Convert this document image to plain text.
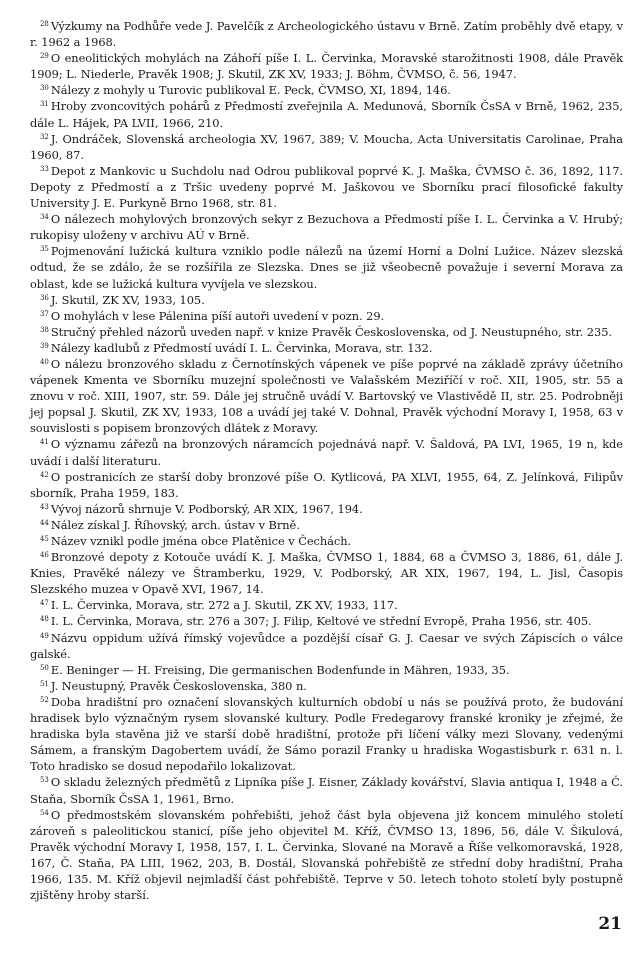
$^{28}$ Výzkumy na Podhůře vede J. Pavelčík z Archeologického ústavu v Brně. Zatím proběhly dvě etapy, v r. 1962 a 1968.

$^{29}$ O eneolitických mohylách na Záhoří píše I. L. Červinka, Moravské starožitnosti 1908, dále Pravěk 1909; L. Niederle, Pravěk 1908; J. Skutil, ZK XV, 1933; J. Böhm, ČVMSO, č. 56, 1947.

$^{30}$ Nálezy z mohyly u Turovic publikoval E. Peck, ČVMSO, XI, 1894, 146.

$^{31}$ Hroby zvoncovitých pohárů z Předmostí zveřejnila A. Medunová, Sborník ČsSA v Brně, 1962, 235, dále L. Hájek, PA LVII, 1966, 210.

$^{32}$ J. Ondráček, Slovenská archeologia XV, 1967, 389; V. Moucha, Acta Universitatis Carolinae, Praha 1960, 87.

$^{33}$ Depot z Mankovic u Suchdolu nad Odrou publikoval poprvé K. J. Maška, ČVMSO č. 36, 1892, 117. Depoty z Předmostí a z Tršic uvedeny poprvé M. Jaškovou ve Sborníku prací filosofické fakulty University J. E. Purkyně Brno 1968, str. 81.

$^{34}$ O nálezech mohylových bronzových sekyr z Bezuchova a Předmostí píše I. L. Červinka a V. Hrubý; rukopisy uloženy v archivu AÚ v Brně.

$^{35}$ Pojmenování lužická kultura vzniklo podle nálezů na území Horní a Dolní Lužice. Název slezská odtud, že se zdálo, že se rozšířila ze Slezska. Dnes se již všeobecně považuje i severní Morava za oblast, kde se lužická kultura vyvíjela ve slezskou.

$^{36}$ J. Skutil, ZK XV, 1933, 105.

$^{37}$ O mohylách v lese Pálenina píší autoři uvedení v pozn. 29.

$^{38}$ Stručný přehled názorů uveden např. v knize Pravěk Československa, od J. Neustupného, str. 235.

$^{39}$ Nálezy kadlubů z Předmostí uvádí I. L. Červinka, Morava, str. 132.

$^{40}$ O nálezu bronzového skladu z Černotínských vápenek ve píše poprvé na základě zprávy účetního vápenek Kmenta ve Sborníku muzejní společnosti ve Valašském Meziříčí v roč. XII, 1905, str. 55 a znovu v roč. XIII, 1907, str. 59. Dále jej stručně uvádí V. Bartovský ve Vlastivědě II, str. 25. Podrobněji jej popsal J. Skutil, ZK XV, 1933, 108 a uvádí jej také V. Dohnal, Pravěk východní Moravy I, 1958, 63 v souvislosti s popisem bronzových dlátek z Moravy.

$^{41}$ O významu zářezů na bronzových náramcích pojednává např. V. Šaldová, PA LVI, 1965, 19 n, kde uvádí i další literaturu.

$^{42}$ O postranicích ze starší doby bronzové píše O. Kytlicová, PA XLVI, 1955, 64, Z. Jelínková, Filipův sborník, Praha 1959, 183.

$^{43}$ Vývoj názorů shrnuje V. Podborský, AR XIX, 1967, 194.

$^{44}$ Nález získal J. Říhovský, arch. ústav v Brně.

$^{45}$ Název vznikl podle jména obce Platěnice v Čechách.

$^{46}$ Bronzové depoty z Kotouče uvádí K. J. Maška, ČVMSO 1, 1884, 68 a ČVMSO 3, 1886, 61, dále J. Knies, Pravěké nálezy ve Štramberku, 1929, V. Podborský, AR XIX, 1967, 194, L. Jisl, Časopis Slezského muzea v Opavě XVI, 1967, 14.

$^{47}$ I. L. Červinka, Morava, str. 272 a J. Skutil, ZK XV, 1933, 117.

$^{48}$ I. L. Červinka, Morava, str. 276 a 307; J. Filip, Keltové ve střední Evropě, Praha 1956, str. 405.

$^{49}$ Názvu oppidum užívá římský vojevůdce a pozdější císař G. J. Caesar ve svých Zápiscích o válce galské.

$^{50}$ E. Beninger — H. Freising, Die germanischen Bodenfunde in Mähren, 1933, 35.

$^{51}$ J. Neustupný, Pravěk Československa, 380 n.

$^{52}$ Doba hradištní pro označení slovanských kulturních období u nás se používá proto, že budování hradisek bylo význačným rysem slovanské kultury. Podle Fredegarovy franské kroniky je zřejmé, že hradiska byla stavěna již ve starší době hradištní, protože při líčení války mezi Slovany, vedenými Sámem, a franským Dagobertem uvádí, že Sámo porazil Franky u hradiska Wogastisburk r. 631 n. l. Toto hradisko se dosud nepodařilo lokalizovat.

$^{53}$ O skladu železných předmětů z Lipníka píše J. Eisner, Základy kovářství, Slavia antiqua I, 1948 a Č. Staňa, Sborník ČsSA 1, 1961, Brno.

$^{54}$ O předmostském slovanském pohřebišti, jehož část byla objevena již koncem minulého století zároveň s paleolitickou stanicí, píše jeho objevitel M. Kříž, ČVMSO 13, 1896, 56, dále V. Šikulová, Pravěk východní Moravy I, 1958, 157, I. L. Červinka, Slované na Moravě a Říše velkomoravská, 1928, 167, Č. Staňa, PA LIII, 1962, 203, B. Dostál, Slovanská pohřebiště ze střední doby hradištní, Praha 1966, 135. M. Kříž objevil nejmladší část pohřebiště. Teprve v 50. letech tohoto století byly postupně zjištěny hroby starší.

21
